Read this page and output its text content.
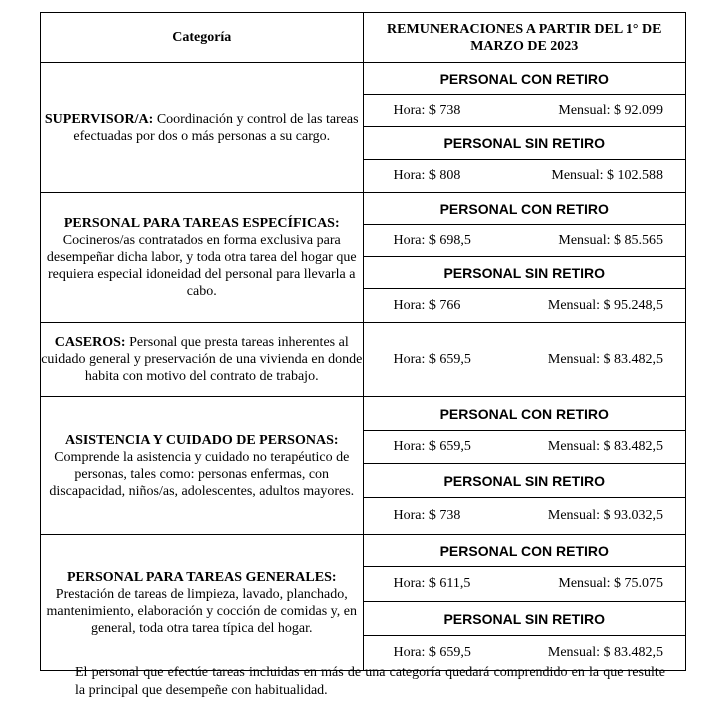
Categoría	REMUNERACIONES A PARTIR DEL 1° DE MARZO DE 2023
SUPERVISOR/A: Coordinación y control de las tareas efectuadas por dos o más personas a su cargo.	PERSONAL CON RETIRO

	Hora: $ 738 Mensual: $ 92.099

	PERSONAL SIN RETIRO

	Hora: $ 808 Mensual: $ 102.588

PERSONAL PARA TAREAS ESPECÍFICAS:
Cocineros/as contratados en forma exclusiva para desempeñar dicha labor, y toda otra tarea del hogar que requiera especial idoneidad del personal para llevarla a cabo.	PERSONAL CON RETIRO

	Hora: $ 698,5 Mensual: $ 85.565

	PERSONAL SIN RETIRO

	Hora: $ 766 Mensual: $ 95.248,5

CASEROS: Personal que presta tareas inherentes al cuidado general y preservación de una vivienda en donde habita con motivo del contrato de trabajo.	Hora: $ 659,5 Mensual: $ 83.482,5

ASISTENCIA Y CUIDADO DE PERSONAS:
Comprende la asistencia y cuidado no terapéutico de personas, tales como: personas enfermas, con discapacidad, niños/as, adolescentes, adultos mayores.	PERSONAL CON RETIRO

	Hora: $ 659,5 Mensual: $ 83.482,5

	PERSONAL SIN RETIRO

	Hora: $ 738 Mensual: $ 93.032,5

PERSONAL PARA TAREAS GENERALES:
Prestación de tareas de limpieza, lavado, planchado, mantenimiento, elaboración y cocción de comidas y, en general, toda otra tarea típica del hogar.	PERSONAL CON RETIRO

	Hora: $ 611,5 Mensual: $ 75.075

	PERSONAL SIN RETIRO

	Hora: $ 659,5 Mensual: $ 83.482,5
El personal que efectúe tareas incluidas en más de una categoría quedará comprendido en la que resulte la principal que desempeñe con habitualidad.
